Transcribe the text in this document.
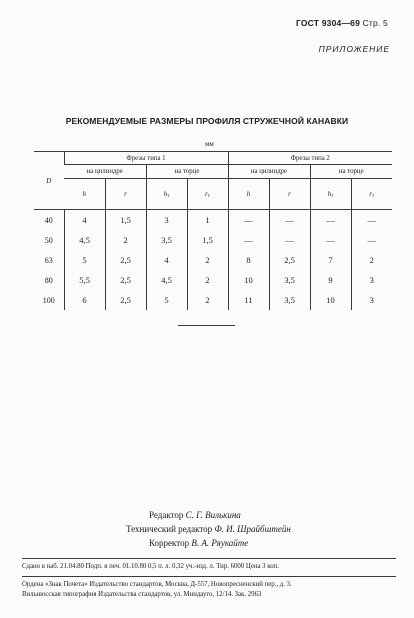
ГОСТ 9304—69 Стр. 5
ПРИЛОЖЕНИЕ
РЕКОМЕНДУЕМЫЕ РАЗМЕРЫ ПРОФИЛЯ СТРУЖЕЧНОЙ КАНАВКИ
мм
D	Фрезы типа 1				Фрезы типа 2			
	на цилиндре		на торце		на цилиндре		на торце	
	h	r	$h_т$	$r_т$	h	r	$h_т$	$r_т$
40	4	1,5	3	1	—	—	—	—
50	4,5	2	3,5	1,5	—	—	—	—
63	5	2,5	4	2	8	2,5	7	2
80	5,5	2,5	4,5	2	10	3,5	9	3
100	6	2,5	5	2	11	3,5	10	3
Редактор С. Г. Вилькина
Технический редактор Ф. И. Шрайбштейн
Корректор В. А. Ряукайте
Сдано в наб. 21.04.80 Подп. в печ. 01.10.80 0,5 п. л. 0,32 уч.-изд. л. Тир. 6000 Цена 3 коп.
Ордена «Знак Почета» Издательство стандартов, Москва, Д-557, Новопресненский пер., д. 3.
Вильнюсская типография Издательства стандартов, ул. Миндауго, 12/14. Зак. 2963
